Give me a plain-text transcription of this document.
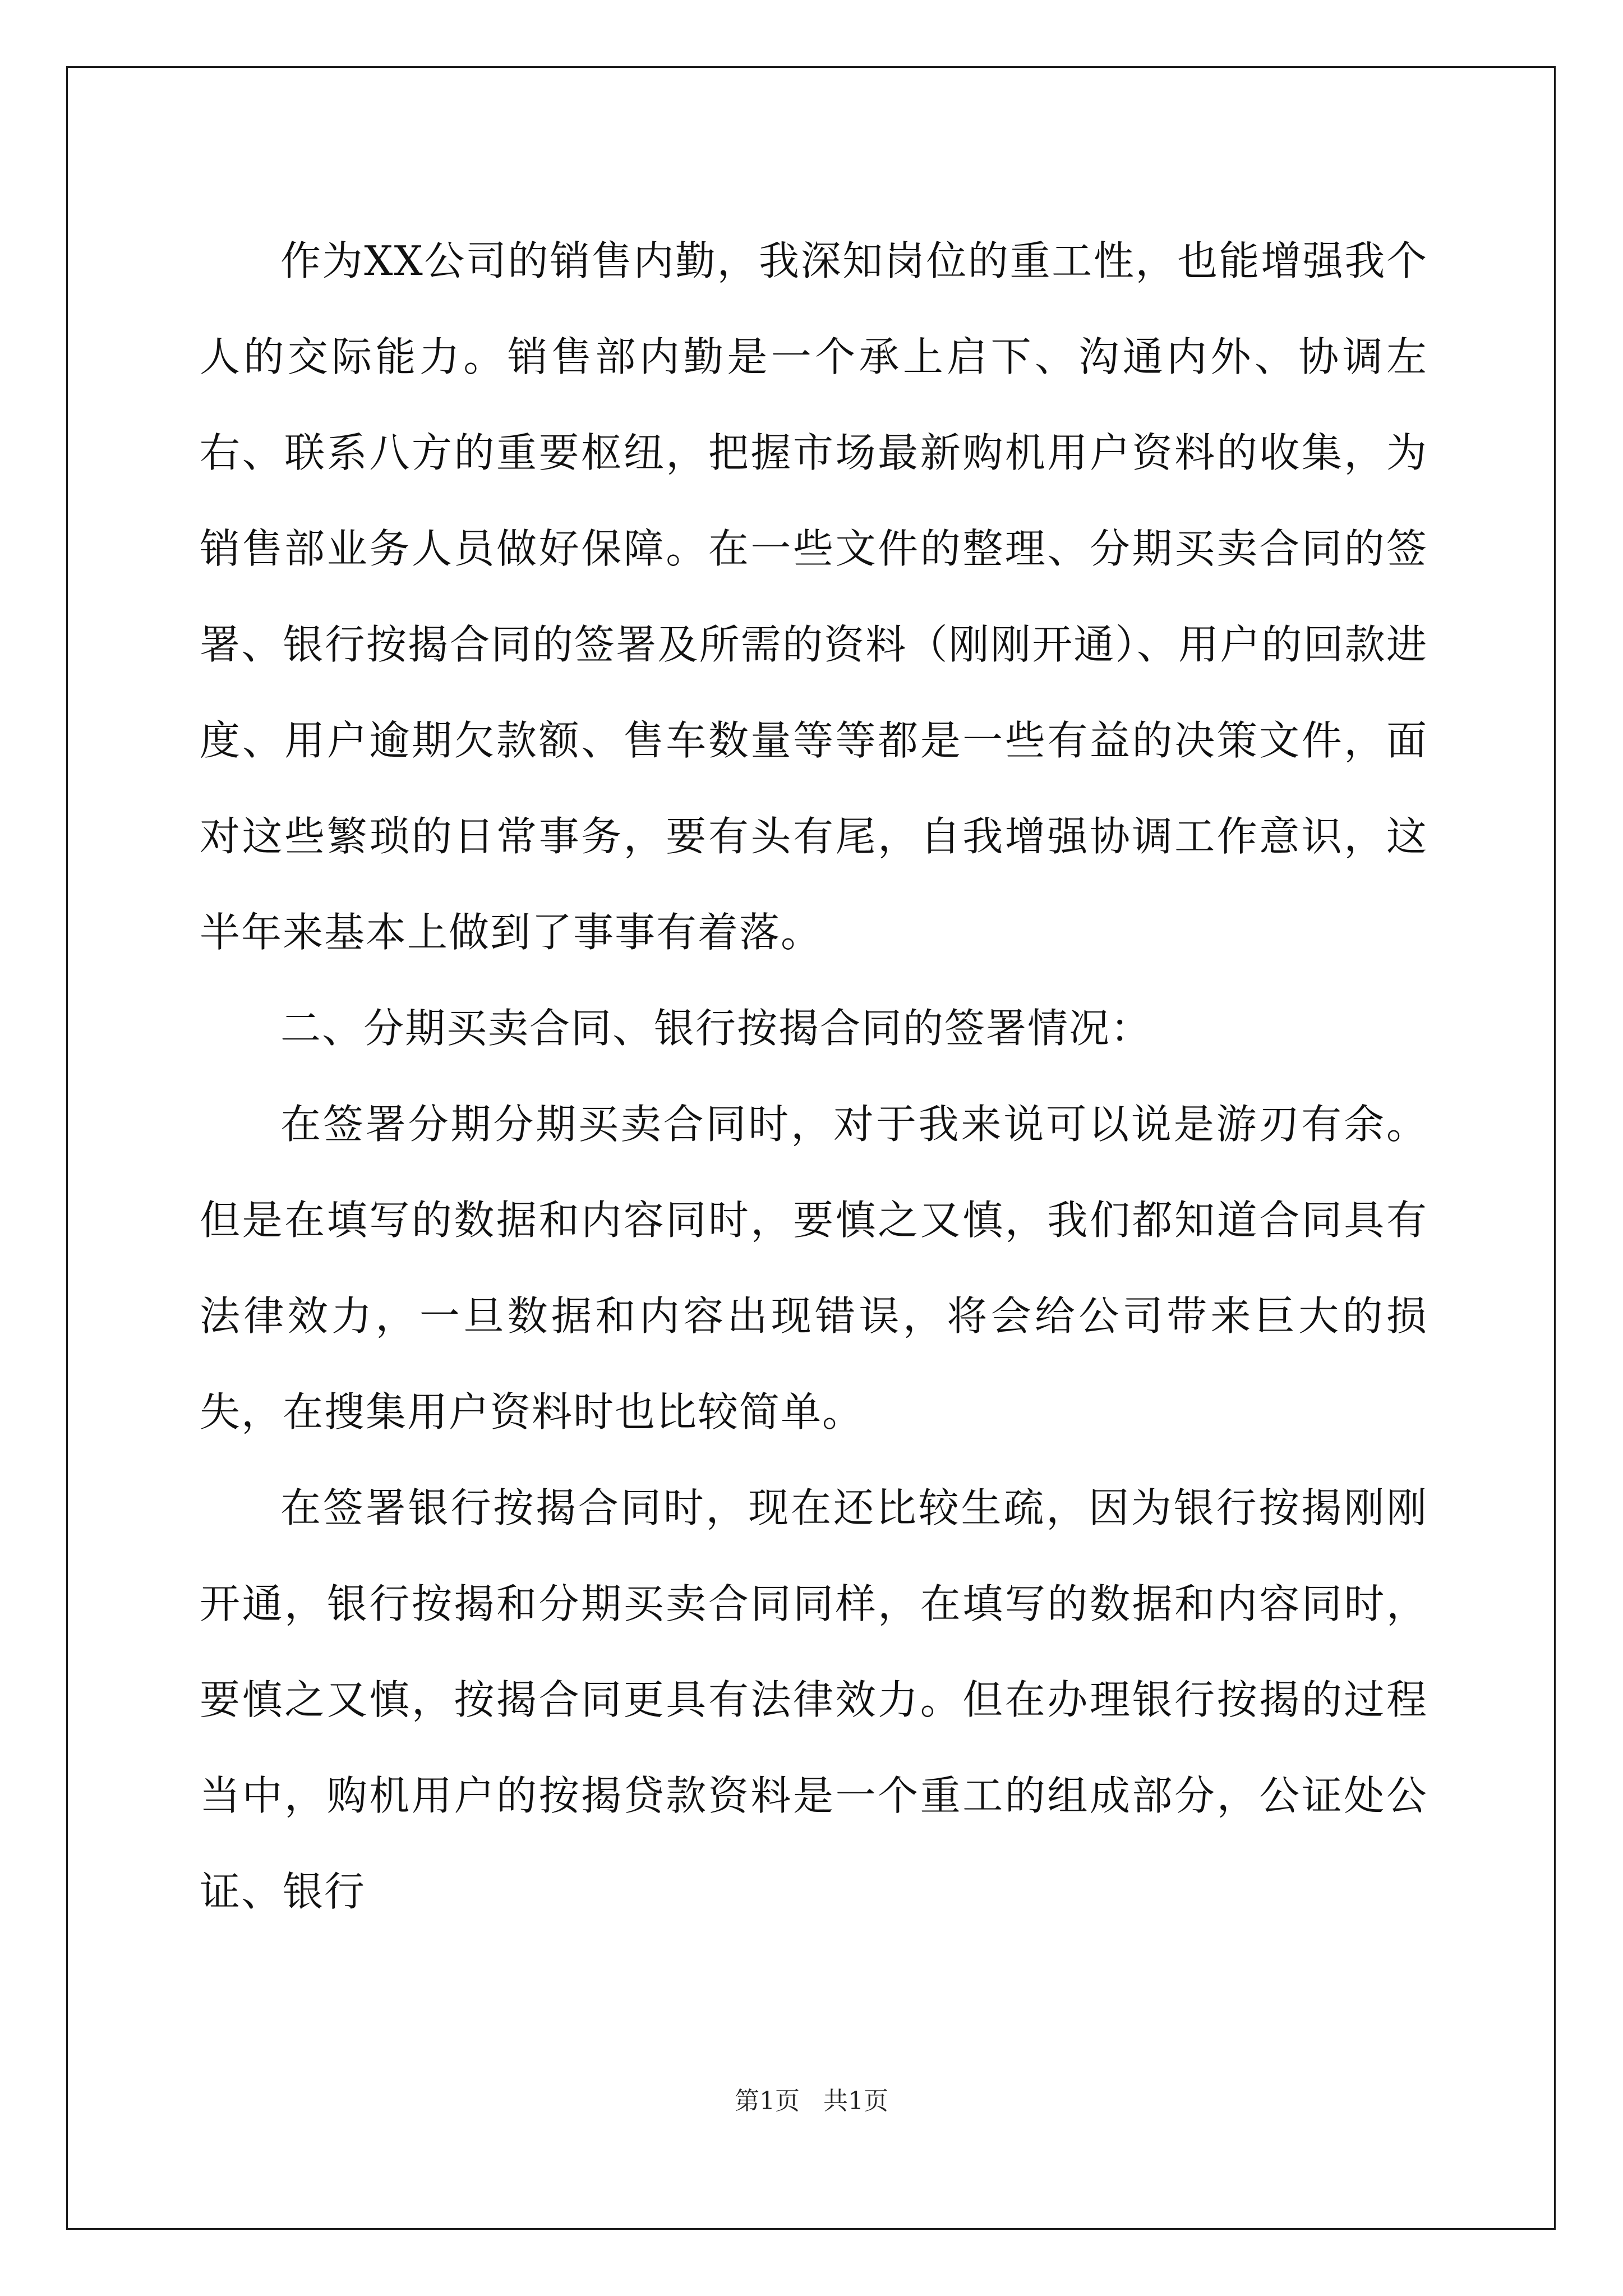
作为XX公司的销售内勤，我深知岗位的重工性，也能增强我个人的交际能力。销售部内勤是一个承上启下、沟通内外、协调左右、联系八方的重要枢纽，把握市场最新购机用户资料的收集，为销售部业务人员做好保障。在一些文件的整理、分期买卖合同的签署、银行按揭合同的签署及所需的资料（刚刚开通）、用户的回款进度、用户逾期欠款额、售车数量等等都是一些有益的决策文件，面对这些繁琐的日常事务，要有头有尾，自我增强协调工作意识，这半年来基本上做到了事事有着落。

二、分期买卖合同、银行按揭合同的签署情况：

在签署分期分期买卖合同时，对于我来说可以说是游刃有余。但是在填写的数据和内容同时，要慎之又慎，我们都知道合同具有法律效力，一旦数据和内容出现错误，将会给公司带来巨大的损失，在搜集用户资料时也比较简单。

在签署银行按揭合同时，现在还比较生疏，因为银行按揭刚刚开通，银行按揭和分期买卖合同同样，在填写的数据和内容同时，要慎之又慎，按揭合同更具有法律效力。但在办理银行按揭的过程当中，购机用户的按揭贷款资料是一个重工的组成部分，公证处公证、银行

第1页 共1页
